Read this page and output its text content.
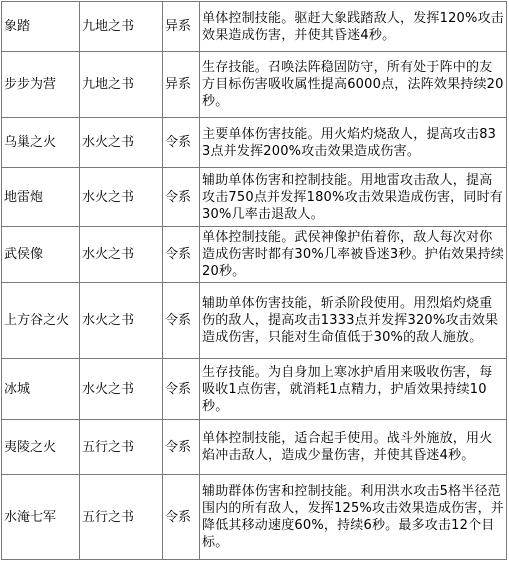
象踏	九地之书	异系	单体控制技能。驱赶大象践踏敌人，发挥120%攻击效果造成伤害，并使其昏迷4秒。
步步为营	九地之书	异系	生存技能。召唤法阵稳固防守，所有处于阵中的友方目标伤害吸收属性提高6000点，法阵效果持续20秒。
乌巢之火	水火之书	令系	主要单体伤害技能。用火焰灼烧敌人，提高攻击833点并发挥200%攻击效果造成伤害。
地雷炮	水火之书	令系	辅助单体伤害和控制技能。用地雷攻击敌人，提高攻击750点并发挥180%攻击效果造成伤害，同时有30%几率击退敌人。
武侯像	水火之书	令系	单体控制技能。武侯神像护佑着你，敌人每次对你造成伤害时都有30%几率被昏迷3秒。护佑效果持续20秒。
上方谷之火	水火之书	令系	辅助单体伤害技能，斩杀阶段使用。用烈焰灼烧重伤的敌人，提高攻击1333点并发挥320%攻击效果造成伤害，只能对生命值低于30%的敌人施放。
冰城	水火之书	令系	生存技能。为自身加上寒冰护盾用来吸收伤害，每吸收1点伤害，就消耗1点精力，护盾效果持续10秒。
夷陵之火	五行之书	令系	单体控制技能，适合起手使用。战斗外施放，用火焰冲击敌人，造成少量伤害，并使其昏迷4秒。
水淹七军	五行之书	令系	辅助群体伤害和控制技能。利用洪水攻击5格半径范围内的所有敌人，发挥125%攻击效果造成伤害，并降低其移动速度60%，持续6秒。最多攻击12个目标。
